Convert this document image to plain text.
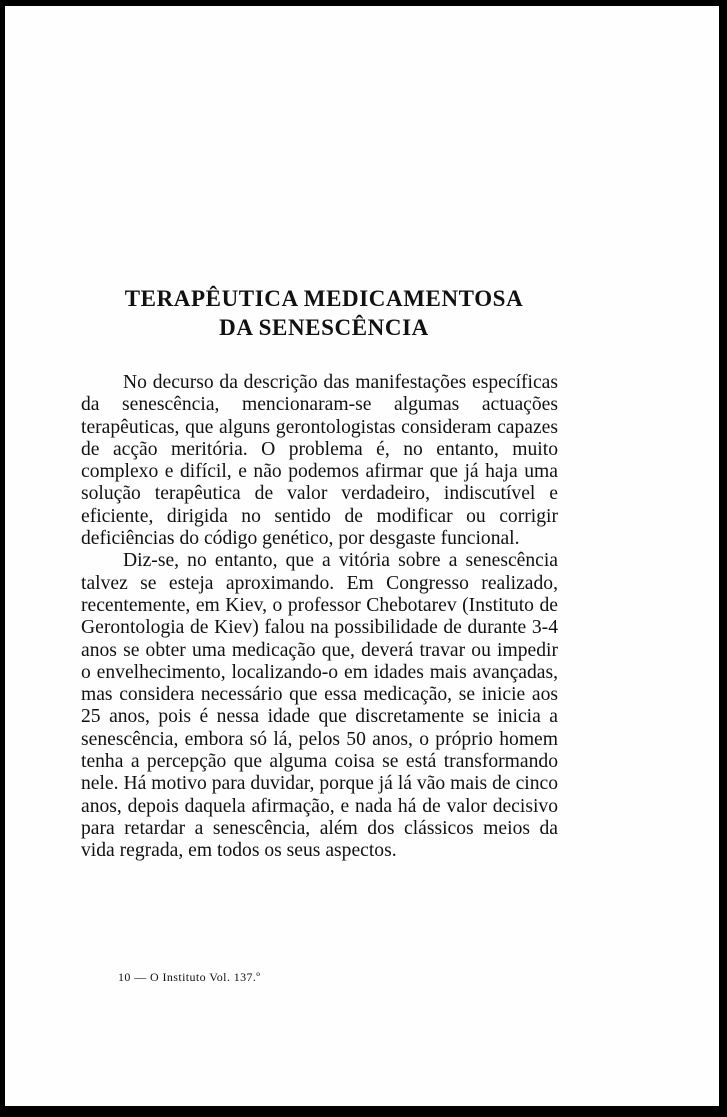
TERAPÊUTICA MEDICAMENTOSA
DA SENESCÊNCIA

No decurso da descrição das manifestações específicas da senescência, mencionaram-se algumas actuações terapêuticas, que alguns gerontologistas consideram capazes de acção meritória. O problema é, no entanto, muito complexo e difícil, e não podemos afirmar que já haja uma solução terapêutica de valor verdadeiro, indiscutível e eficiente, dirigida no sentido de modificar ou corrigir deficiências do código genético, por desgaste funcional.

Diz-se, no entanto, que a vitória sobre a senescência talvez se esteja aproximando. Em Congresso realizado, recentemente, em Kiev, o professor Chebotarev (Instituto de Gerontologia de Kiev) falou na possibilidade de durante 3-4 anos se obter uma medicação que, deverá travar ou impedir o envelhecimento, localizando-o em idades mais avançadas, mas considera necessário que essa medicação, se inicie aos 25 anos, pois é nessa idade que discretamente se inicia a senescência, embora só lá, pelos 50 anos, o próprio homem tenha a percepção que alguma coisa se está transformando nele. Há motivo para duvidar, porque já lá vão mais de cinco anos, depois daquela afirmação, e nada há de valor decisivo para retardar a senescência, além dos clássicos meios da vida regrada, em todos os seus aspectos.

10 — O Instituto Vol. 137.º
